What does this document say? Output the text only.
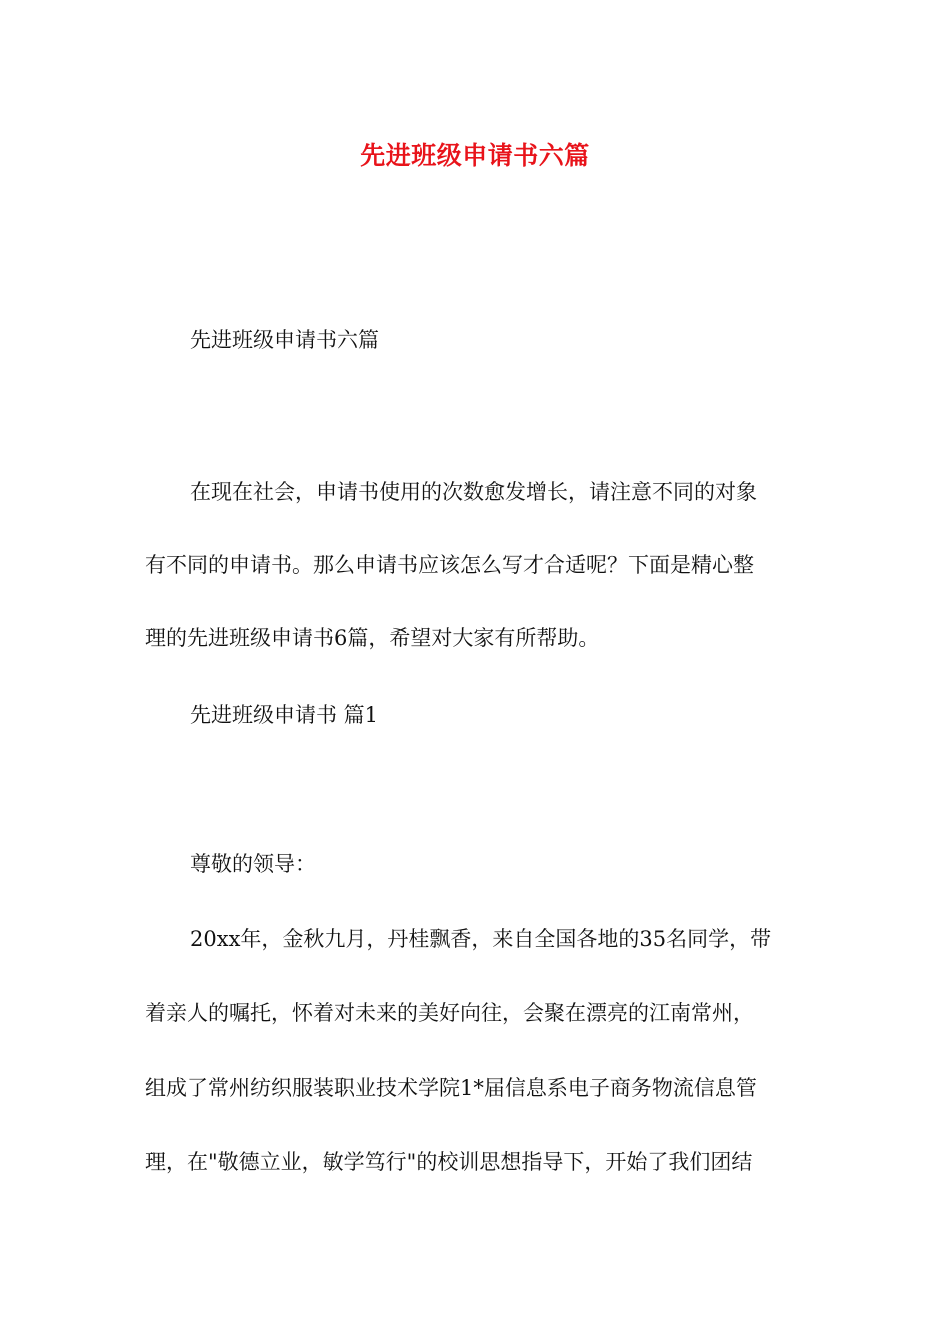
先进班级申请书六篇
先进班级申请书六篇
在现在社会，申请书使用的次数愈发增长，请注意不同的对象
有不同的申请书。那么申请书应该怎么写才合适呢？下面是精心整
理的先进班级申请书6篇，希望对大家有所帮助。
先进班级申请书 篇1
尊敬的领导：
20xx年，金秋九月，丹桂飘香，来自全国各地的35名同学，带
着亲人的嘱托，怀着对未来的美好向往，会聚在漂亮的江南常州，
组成了常州纺织服装职业技术学院1*届信息系电子商务物流信息管
理，在"敬德立业，敏学笃行"的校训思想指导下，开始了我们团结
